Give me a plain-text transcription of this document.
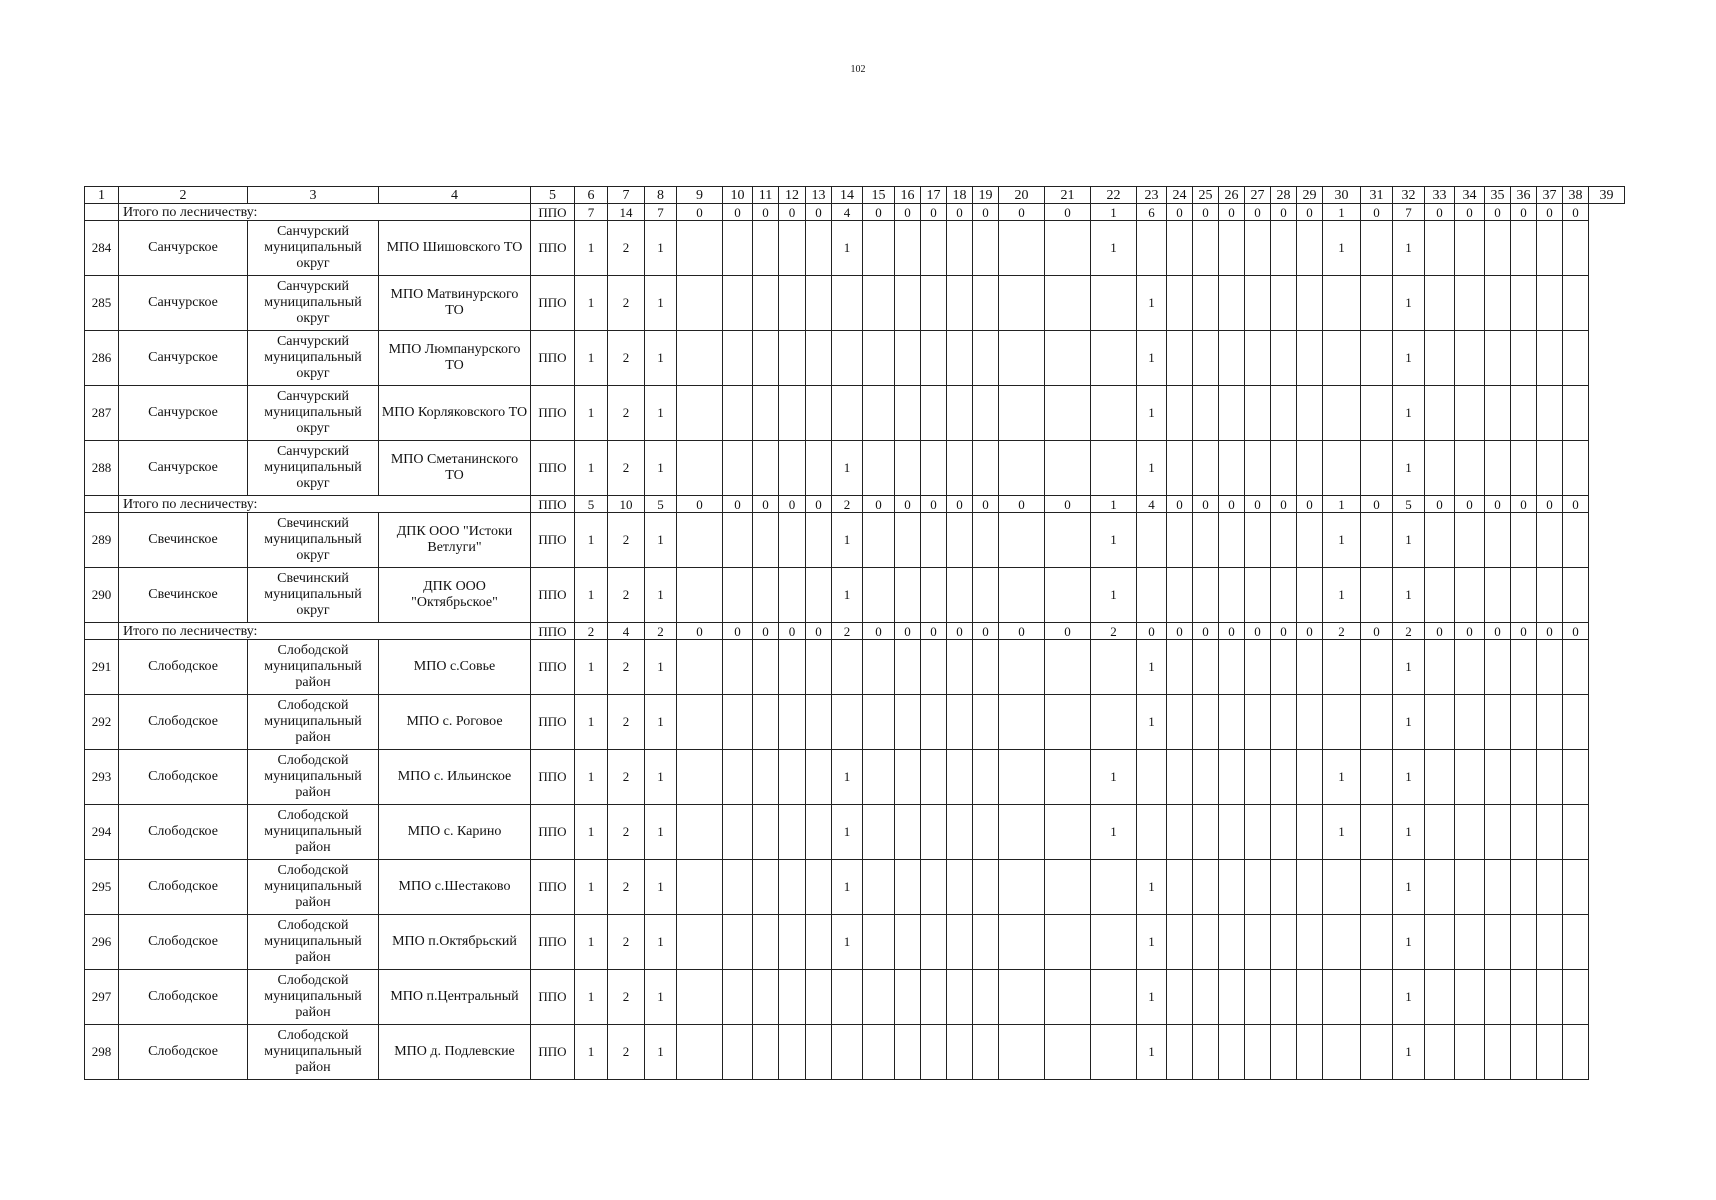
102
1	2	3	4	5	6	7	8	9	10	11	12	13	14	15	16	17	18	19	20	21	22	23	24	25	26	27	28	29	30	31	32	33	34	35	36	37	38	39
	Итого по лесничеству:			ППО	7	14	7	0	0	0	0	0	4	0	0	0	0	0	0	0	1	6	0	0	0	0	0	0	1	0	7	0	0	0	0	0	0	
284	Санчурское	Санчурский муниципальный округ	МПО Шишовского ТО	ППО	1	2	1						1								1								1		1							
285	Санчурское	Санчурский муниципальный округ	МПО Матвинурского ТО	ППО	1	2	1															1									1							
286	Санчурское	Санчурский муниципальный округ	МПО Люмпанурского ТО	ППО	1	2	1															1									1							
287	Санчурское	Санчурский муниципальный округ	МПО Корляковского ТО	ППО	1	2	1															1									1							
288	Санчурское	Санчурский муниципальный округ	МПО Сметанинского ТО	ППО	1	2	1						1									1									1							
	Итого по лесничеству:			ППО	5	10	5	0	0	0	0	0	2	0	0	0	0	0	0	0	1	4	0	0	0	0	0	0	1	0	5	0	0	0	0	0	0	
289	Свечинское	Свечинский муниципальный округ	ДПК ООО "Истоки Ветлуги"	ППО	1	2	1						1								1								1		1							
290	Свечинское	Свечинский муниципальный округ	ДПК ООО "Октябрьское"	ППО	1	2	1						1								1								1		1							
	Итого по лесничеству:			ППО	2	4	2	0	0	0	0	0	2	0	0	0	0	0	0	0	2	0	0	0	0	0	0	0	2	0	2	0	0	0	0	0	0	
291	Слободское	Слободской муниципальный район	МПО с.Совье	ППО	1	2	1															1									1							
292	Слободское	Слободской муниципальный район	МПО с. Роговое	ППО	1	2	1															1									1							
293	Слободское	Слободской муниципальный район	МПО с. Ильинское	ППО	1	2	1						1								1								1		1							
294	Слободское	Слободской муниципальный район	МПО с. Карино	ППО	1	2	1						1								1								1		1							
295	Слободское	Слободской муниципальный район	МПО с.Шестаково	ППО	1	2	1						1									1									1							
296	Слободское	Слободской муниципальный район	МПО п.Октябрьский	ППО	1	2	1						1									1									1							
297	Слободское	Слободской муниципальный район	МПО п.Центральный	ППО	1	2	1															1									1							
298	Слободское	Слободской муниципальный район	МПО д. Подлевские	ППО	1	2	1															1									1							
